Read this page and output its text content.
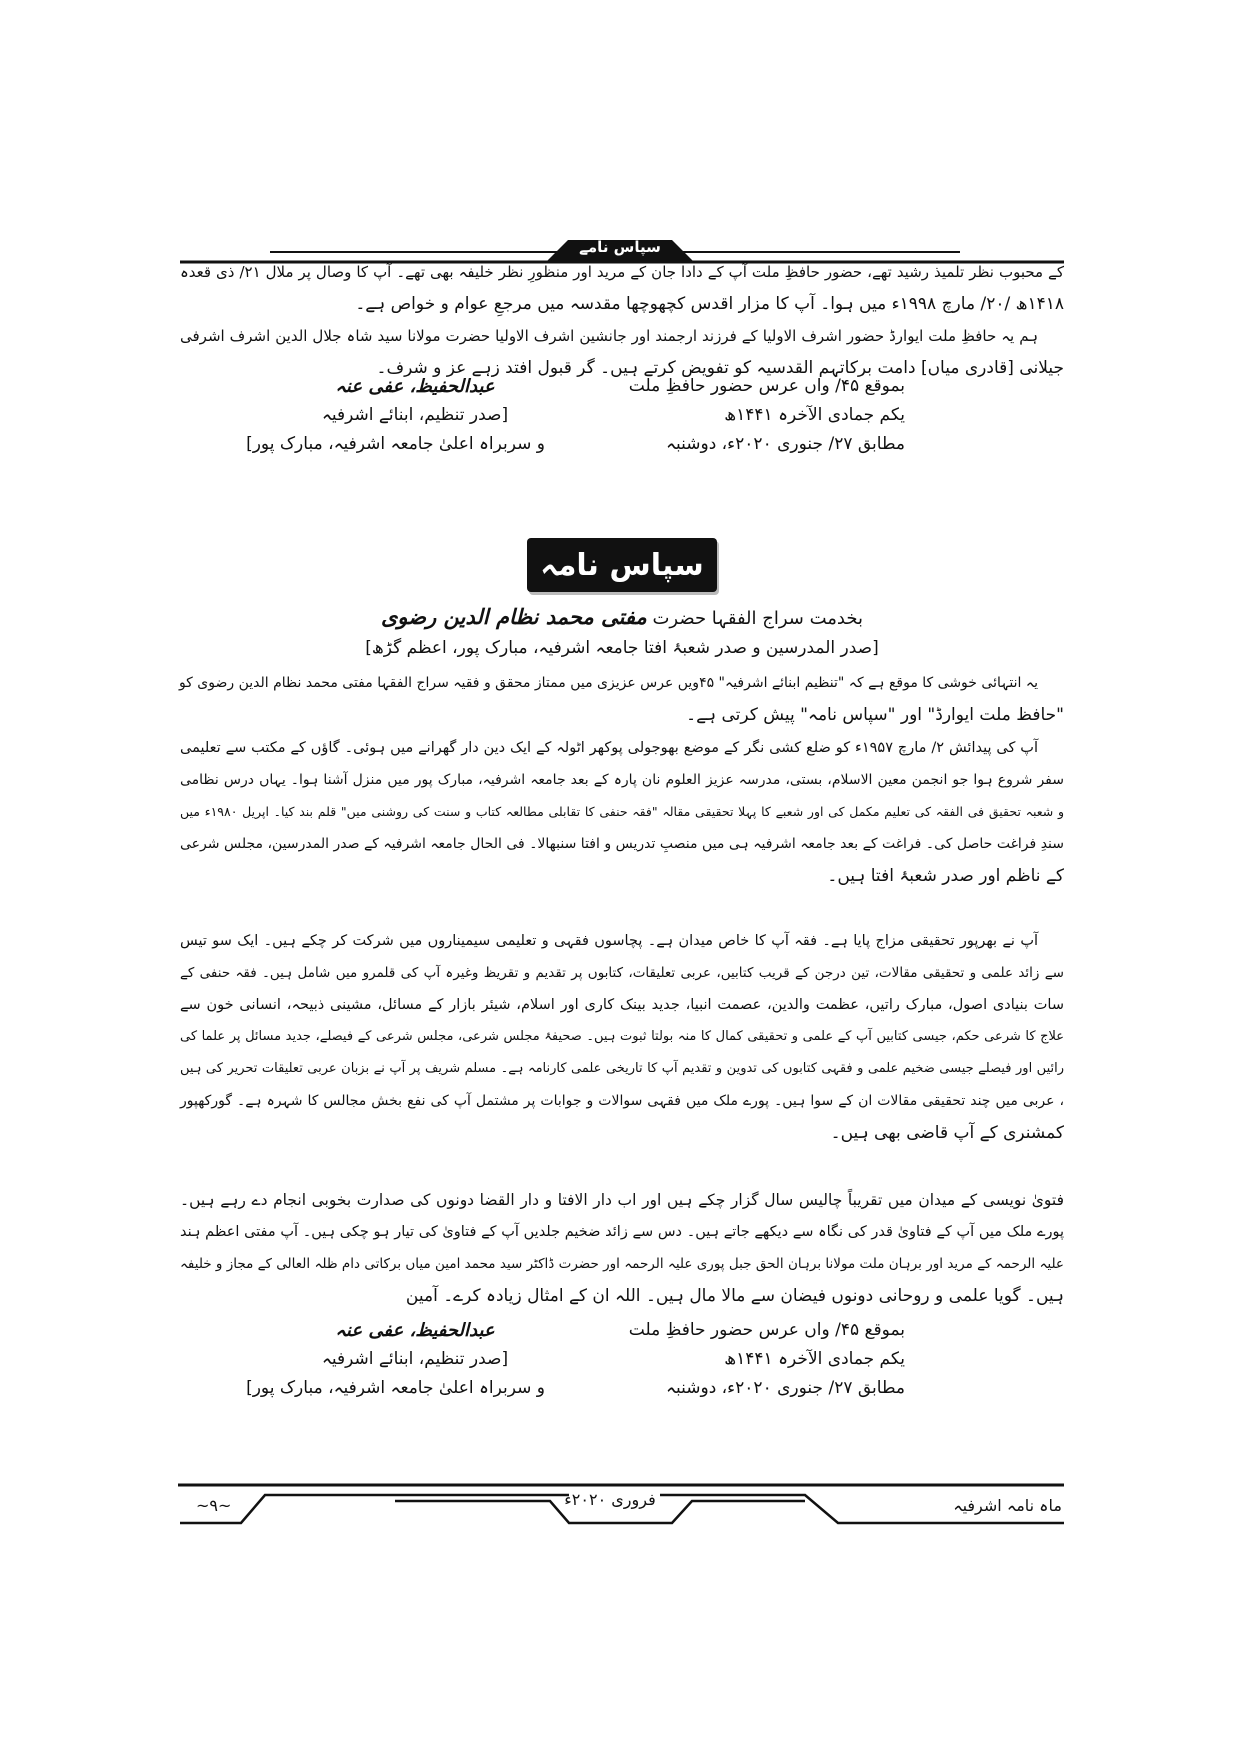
سپاس نامے
کے محبوب نظر تلمیذ رشید تھے، حضور حافظِ ملت آپ کے دادا جان کے مرید اور منظورِ نظر خلیفہ بھی تھے۔ آپ کا وصال پر ملال ۲۱/ ذی قعدہ
۱۴۱۸ھ /۲۰/ مارچ ۱۹۹۸ء میں ہوا۔ آپ کا مزار اقدس کچھوچھا مقدسہ میں مرجعِ عوام و خواص ہے۔
ہم یہ حافظِ ملت ایوارڈ حضور اشرف الاولیا کے فرزند ارجمند اور جانشین اشرف الاولیا حضرت مولانا سید شاہ جلال الدین اشرف اشرفی
جیلانی [قادری میاں] دامت برکاتہم القدسیہ کو تفویض کرتے ہیں۔ گر قبول افتد زہے عز و شرف۔
بموقع ۴۵/ واں عرس حضور حافظِ ملت
یکم جمادی الآخرہ ۱۴۴۱ھ
مطابق ۲۷/ جنوری ۲۰۲۰ء، دوشنبہ
عبدالحفیظ، عفی عنہ
[صدر تنظیم، ابنائے اشرفیہ
و سربراہ اعلیٰ جامعہ اشرفیہ، مبارک پور]
سپاس نامہ
بخدمت سراج الفقہا حضرت مفتی محمد نظام الدین رضوی
[صدر المدرسین و صدر شعبۂ افتا جامعہ اشرفیہ، مبارک پور، اعظم گڑھ]
یہ انتہائی خوشی کا موقع ہے کہ "تنظیم ابنائے اشرفیہ" ۴۵ویں عرس عزیزی میں ممتاز محقق و فقیہ سراج الفقہا مفتی محمد نظام الدین رضوی کو
"حافظ ملت ایوارڈ" اور "سپاس نامہ" پیش کرتی ہے۔
آپ کی پیدائش ۲/ مارچ ۱۹۵۷ء کو ضلع کشی نگر کے موضع بھوجولی پوکھر اٹولہ کے ایک دین دار گھرانے میں ہوئی۔ گاؤں کے مکتب سے تعلیمی
سفر شروع ہوا جو انجمن معین الاسلام، بستی، مدرسہ عزیز العلوم نان پارہ کے بعد جامعہ اشرفیہ، مبارک پور میں منزل آشنا ہوا۔ یہاں درس نظامی
و شعبہ تحقیق فی الفقہ کی تعلیم مکمل کی اور شعبے کا پہلا تحقیقی مقالہ "فقہ حنفی کا تقابلی مطالعہ کتاب و سنت کی روشنی میں" قلم بند کیا۔ اپریل ۱۹۸۰ء میں
سندِ فراغت حاصل کی۔ فراغت کے بعد جامعہ اشرفیہ ہی میں منصبِ تدریس و افتا سنبھالا۔ فی الحال جامعہ اشرفیہ کے صدر المدرسین، مجلس شرعی
کے ناظم اور صدر شعبۂ افتا ہیں۔
آپ نے بھرپور تحقیقی مزاج پایا ہے۔ فقہ آپ کا خاص میدان ہے۔ پچاسوں فقہی و تعلیمی سیمیناروں میں شرکت کر چکے ہیں۔ ایک سو تیس
سے زائد علمی و تحقیقی مقالات، تین درجن کے قریب کتابیں، عربی تعلیقات، کتابوں پر تقدیم و تقریظ وغیرہ آپ کی قلمرو میں شامل ہیں۔ فقہ حنفی کے
سات بنیادی اصول، مبارک راتیں، عظمت والدین، عصمت انبیا، جدید بینک کاری اور اسلام، شیئر بازار کے مسائل، مشینی ذبیحہ، انسانی خون سے
علاج کا شرعی حکم، جیسی کتابیں آپ کے علمی و تحقیقی کمال کا منہ بولتا ثبوت ہیں۔ صحیفۂ مجلس شرعی، مجلس شرعی کے فیصلے، جدید مسائل پر علما کی
رائیں اور فیصلے جیسی ضخیم علمی و فقہی کتابوں کی تدوین و تقدیم آپ کا تاریخی علمی کارنامہ ہے۔ مسلم شریف پر آپ نے بزبان عربی تعلیقات تحریر کی ہیں
، عربی میں چند تحقیقی مقالات ان کے سوا ہیں۔ پورے ملک میں فقہی سوالات و جوابات پر مشتمل آپ کی نفع بخش مجالس کا شہرہ ہے۔ گورکھپور
کمشنری کے آپ قاضی بھی ہیں۔
فتویٰ نویسی کے میدان میں تقریباً چالیس سال گزار چکے ہیں اور اب دار الافتا و دار القضا دونوں کی صدارت بخوبی انجام دے رہے ہیں۔
پورے ملک میں آپ کے فتاویٰ قدر کی نگاہ سے دیکھے جاتے ہیں۔ دس سے زائد ضخیم جلدیں آپ کے فتاویٰ کی تیار ہو چکی ہیں۔ آپ مفتی اعظم ہند
علیہ الرحمہ کے مرید اور برہان ملت مولانا برہان الحق جبل پوری علیہ الرحمہ اور حضرت ڈاکٹر سید محمد امین میاں برکاتی دام ظلہ العالی کے مجاز و خلیفہ
ہیں۔ گویا علمی و روحانی دونوں فیضان سے مالا مال ہیں۔ اللہ ان کے امثال زیادہ کرے۔ آمین
بموقع ۴۵/ واں عرس حضور حافظِ ملت
یکم جمادی الآخرہ ۱۴۴۱ھ
مطابق ۲۷/ جنوری ۲۰۲۰ء، دوشنبہ
عبدالحفیظ، عفی عنہ
[صدر تنظیم، ابنائے اشرفیہ
و سربراہ اعلیٰ جامعہ اشرفیہ، مبارک پور]
~۹~	فروری ۲۰۲۰ء	ماہ نامہ اشرفیہ
